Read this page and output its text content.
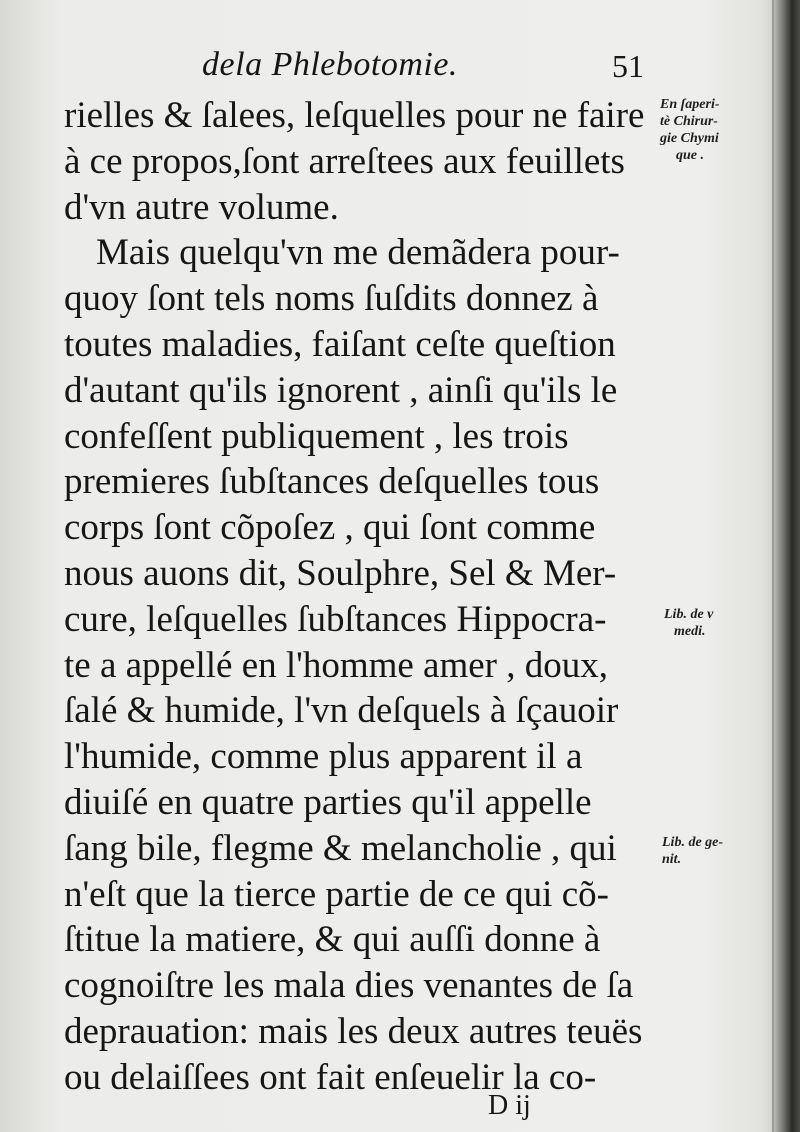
dela Phlebotomie.	51
rielles & ſalees, leſquelles pour ne faire
à ce propos,ſont arreſtees aux feuillets
d'vn autre volume.
Mais quelqu'vn me demãdera pour-
quoy ſont tels noms ſuſdits donnez à
toutes maladies, faiſant ceſte queſtion
d'autant qu'ils ignorent , ainſi qu'ils le
confeſſent publiquement , les trois
premieres ſubſtances deſquelles tous
corps ſont cõpoſez , qui ſont comme
nous auons dit, Soulphre, Sel & Mer-
cure, leſquelles ſubſtances Hippocra-
te a appellé en l'homme amer , doux,
ſalé & humide, l'vn deſquels à ſçauoir
l'humide, comme plus apparent il a
diuiſé en quatre parties qu'il appelle
ſang bile, flegme & melancholie , qui
n'eſt que la tierce partie de ce qui cõ-
ſtitue la matiere, & qui auſſi donne à
cognoiſtre les mala dies venantes de ſa
deprauation: mais les deux autres teuës
ou delaiſſees ont fait enſeuelir la co-
En ſaperi-
tè Chirur-
gie Chymi
que .
Lib. de v
medi.
Lib. de ge-
nit.
D ij
